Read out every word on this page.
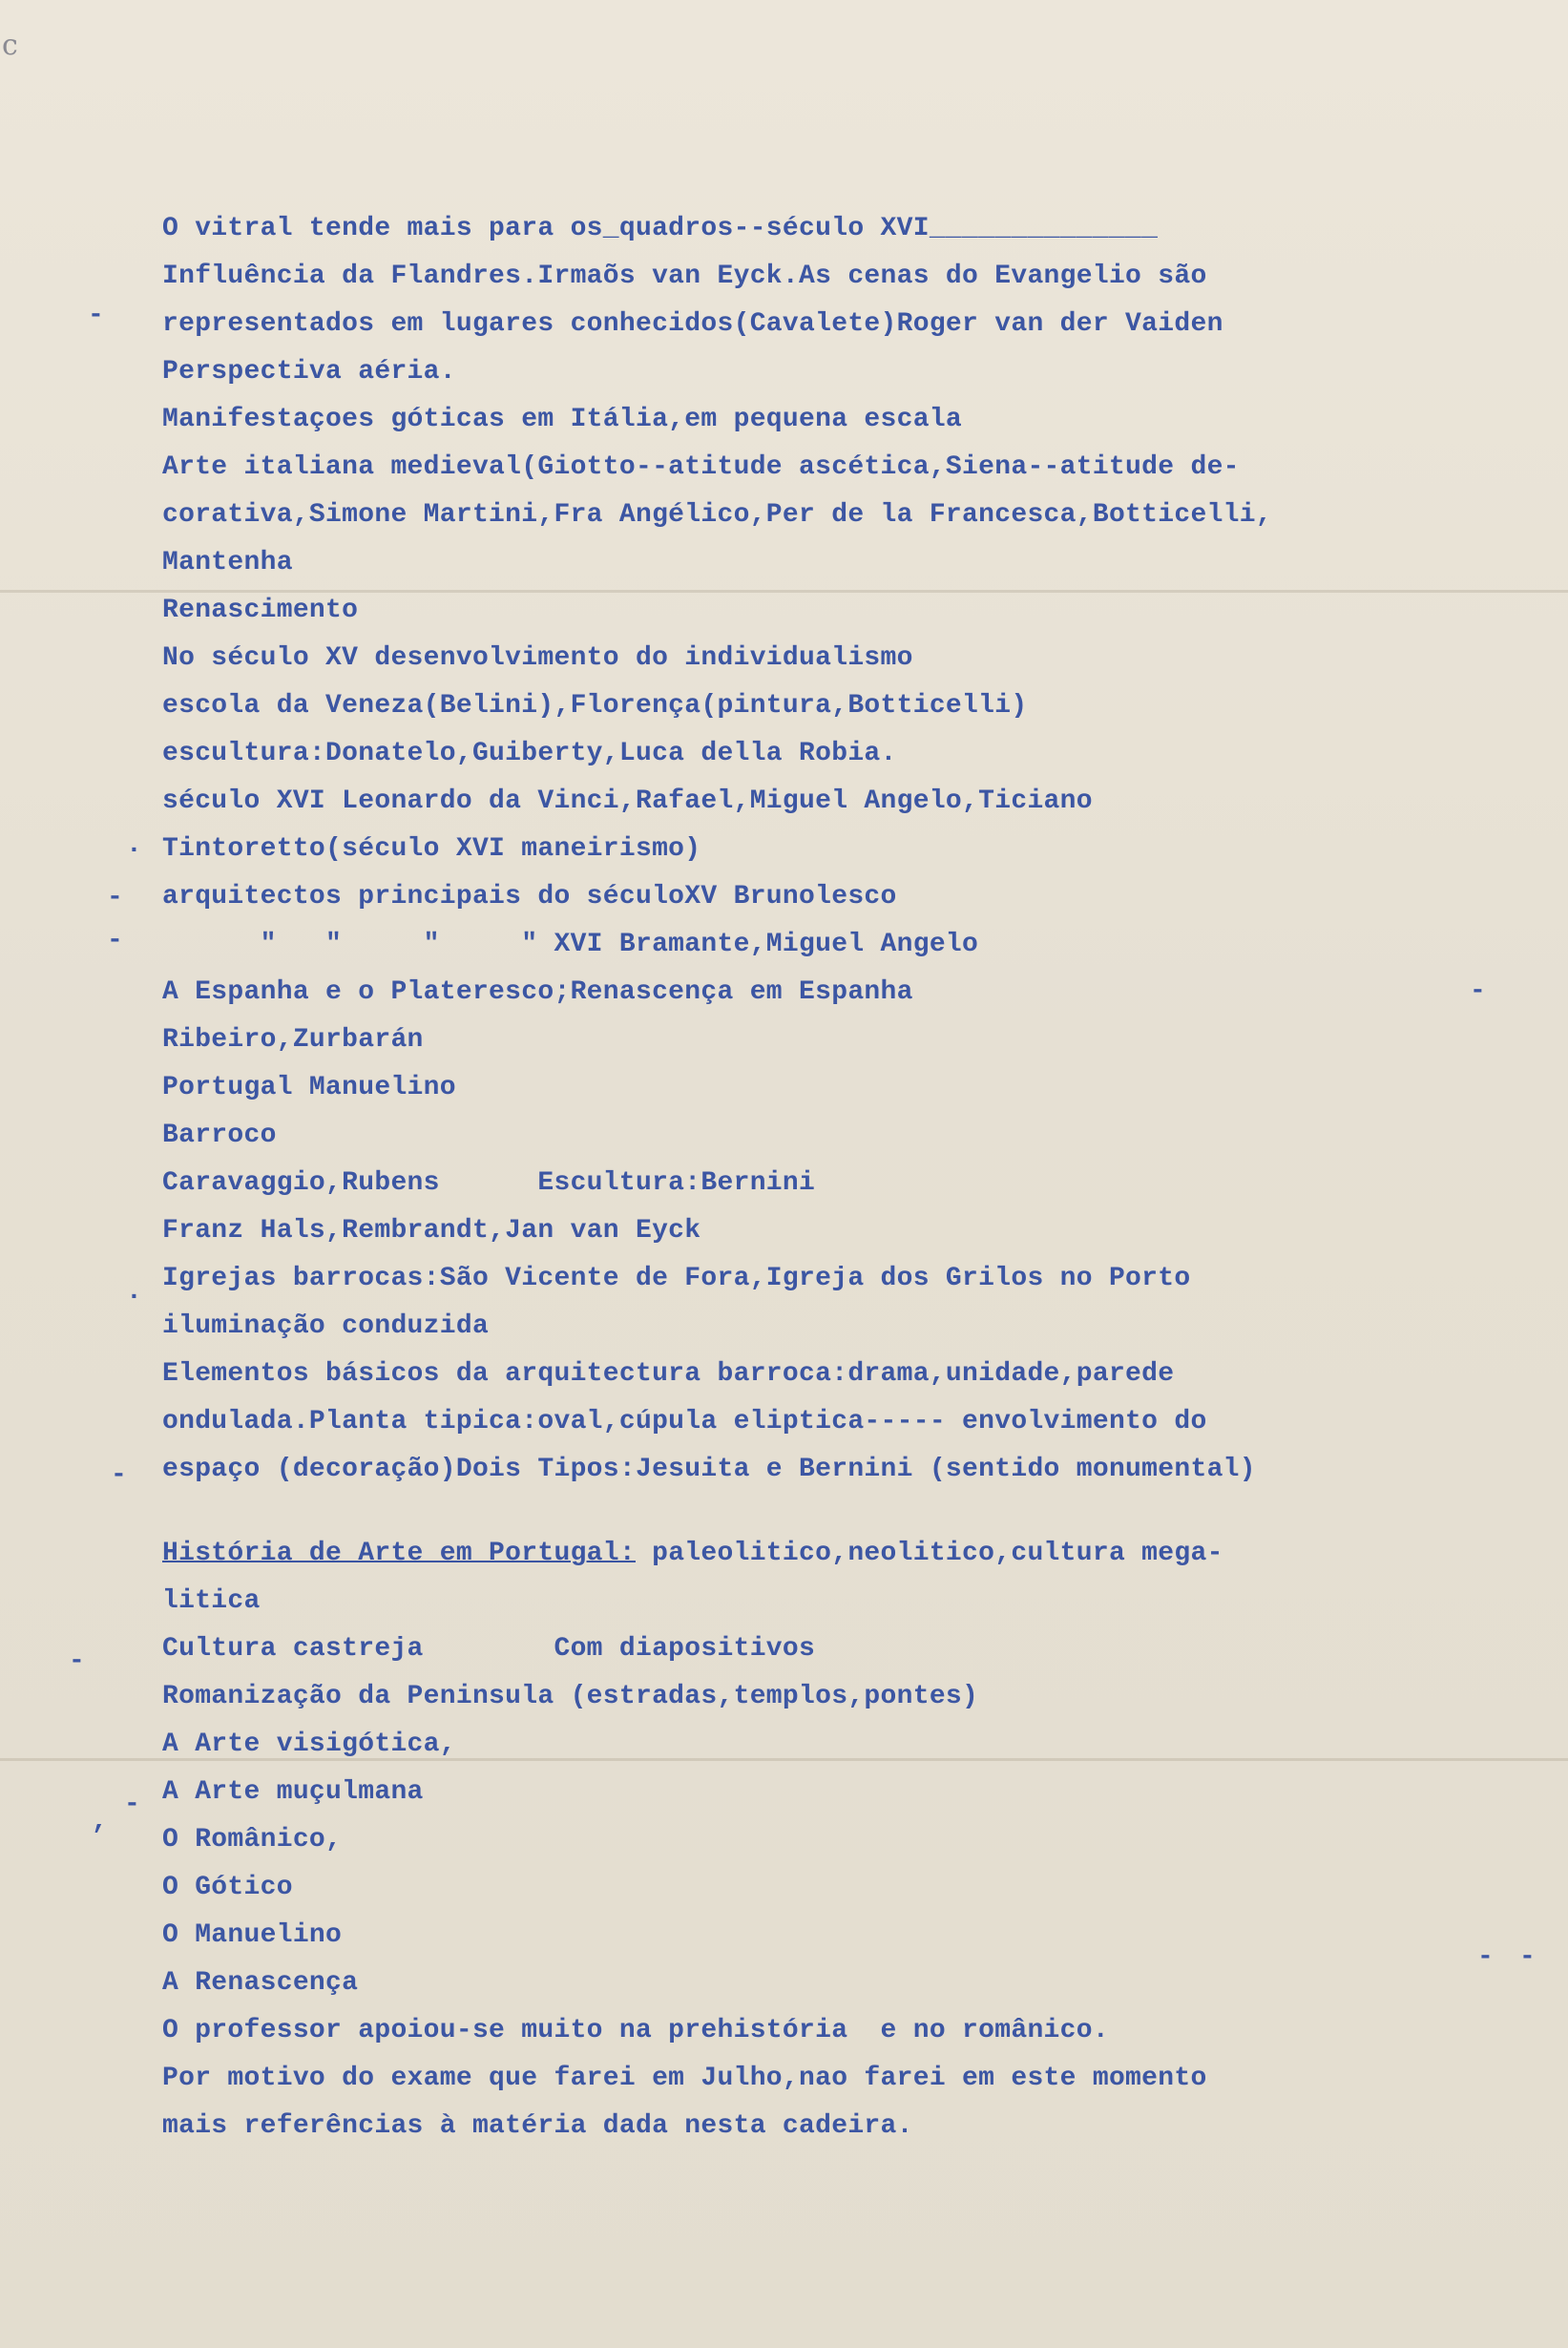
c
-
-
-
.
-
-
-
-
- -
.
,
O vitral tende mais para os_quadros--século XVI______________
Influência da Flandres.Irmaõs van Eyck.As cenas do Evangelio são
representados em lugares conhecidos(Cavalete)Roger van der Vaiden
Perspectiva aéria.
Manifestaçoes góticas em Itália,em pequena escala
Arte italiana medieval(Giotto--atitude ascética,Siena--atitude de-
corativa,Simone Martini,Fra Angélico,Per de la Francesca,Botticelli,
Mantenha
Renascimento
No século XV desenvolvimento do individualismo
escola da Veneza(Belini),Florença(pintura,Botticelli)
escultura:Donatelo,Guiberty,Luca della Robia.
século XVI Leonardo da Vinci,Rafael,Miguel Angelo,Ticiano
Tintoretto(século XVI maneirismo)
arquitectos principais do séculoXV Brunolesco
"   "     "     " XVI Bramante,Miguel Angelo
A Espanha e o Plateresco;Renascença em Espanha
Ribeiro,Zurbarán
Portugal Manuelino
Barroco
Caravaggio,Rubens      Escultura:Bernini
Franz Hals,Rembrandt,Jan van Eyck
Igrejas barrocas:São Vicente de Fora,Igreja dos Grilos no Porto
iluminação conduzida
Elementos básicos da arquitectura barroca:drama,unidade,parede
ondulada.Planta tipica:oval,cúpula eliptica----- envolvimento do
espaço (decoração)Dois Tipos:Jesuita e Bernini (sentido monumental)
História de Arte em Portugal: paleolitico,neolitico,cultura mega-
litica
Cultura castreja        Com diapositivos
Romanização da Peninsula (estradas,templos,pontes)
A Arte visigótica,
A Arte muçulmana
O Românico,
O Gótico
O Manuelino
A Renascença
O professor apoiou-se muito na prehistória  e no românico.
Por motivo do exame que farei em Julho,nao farei em este momento
mais referências à matéria dada nesta cadeira.
